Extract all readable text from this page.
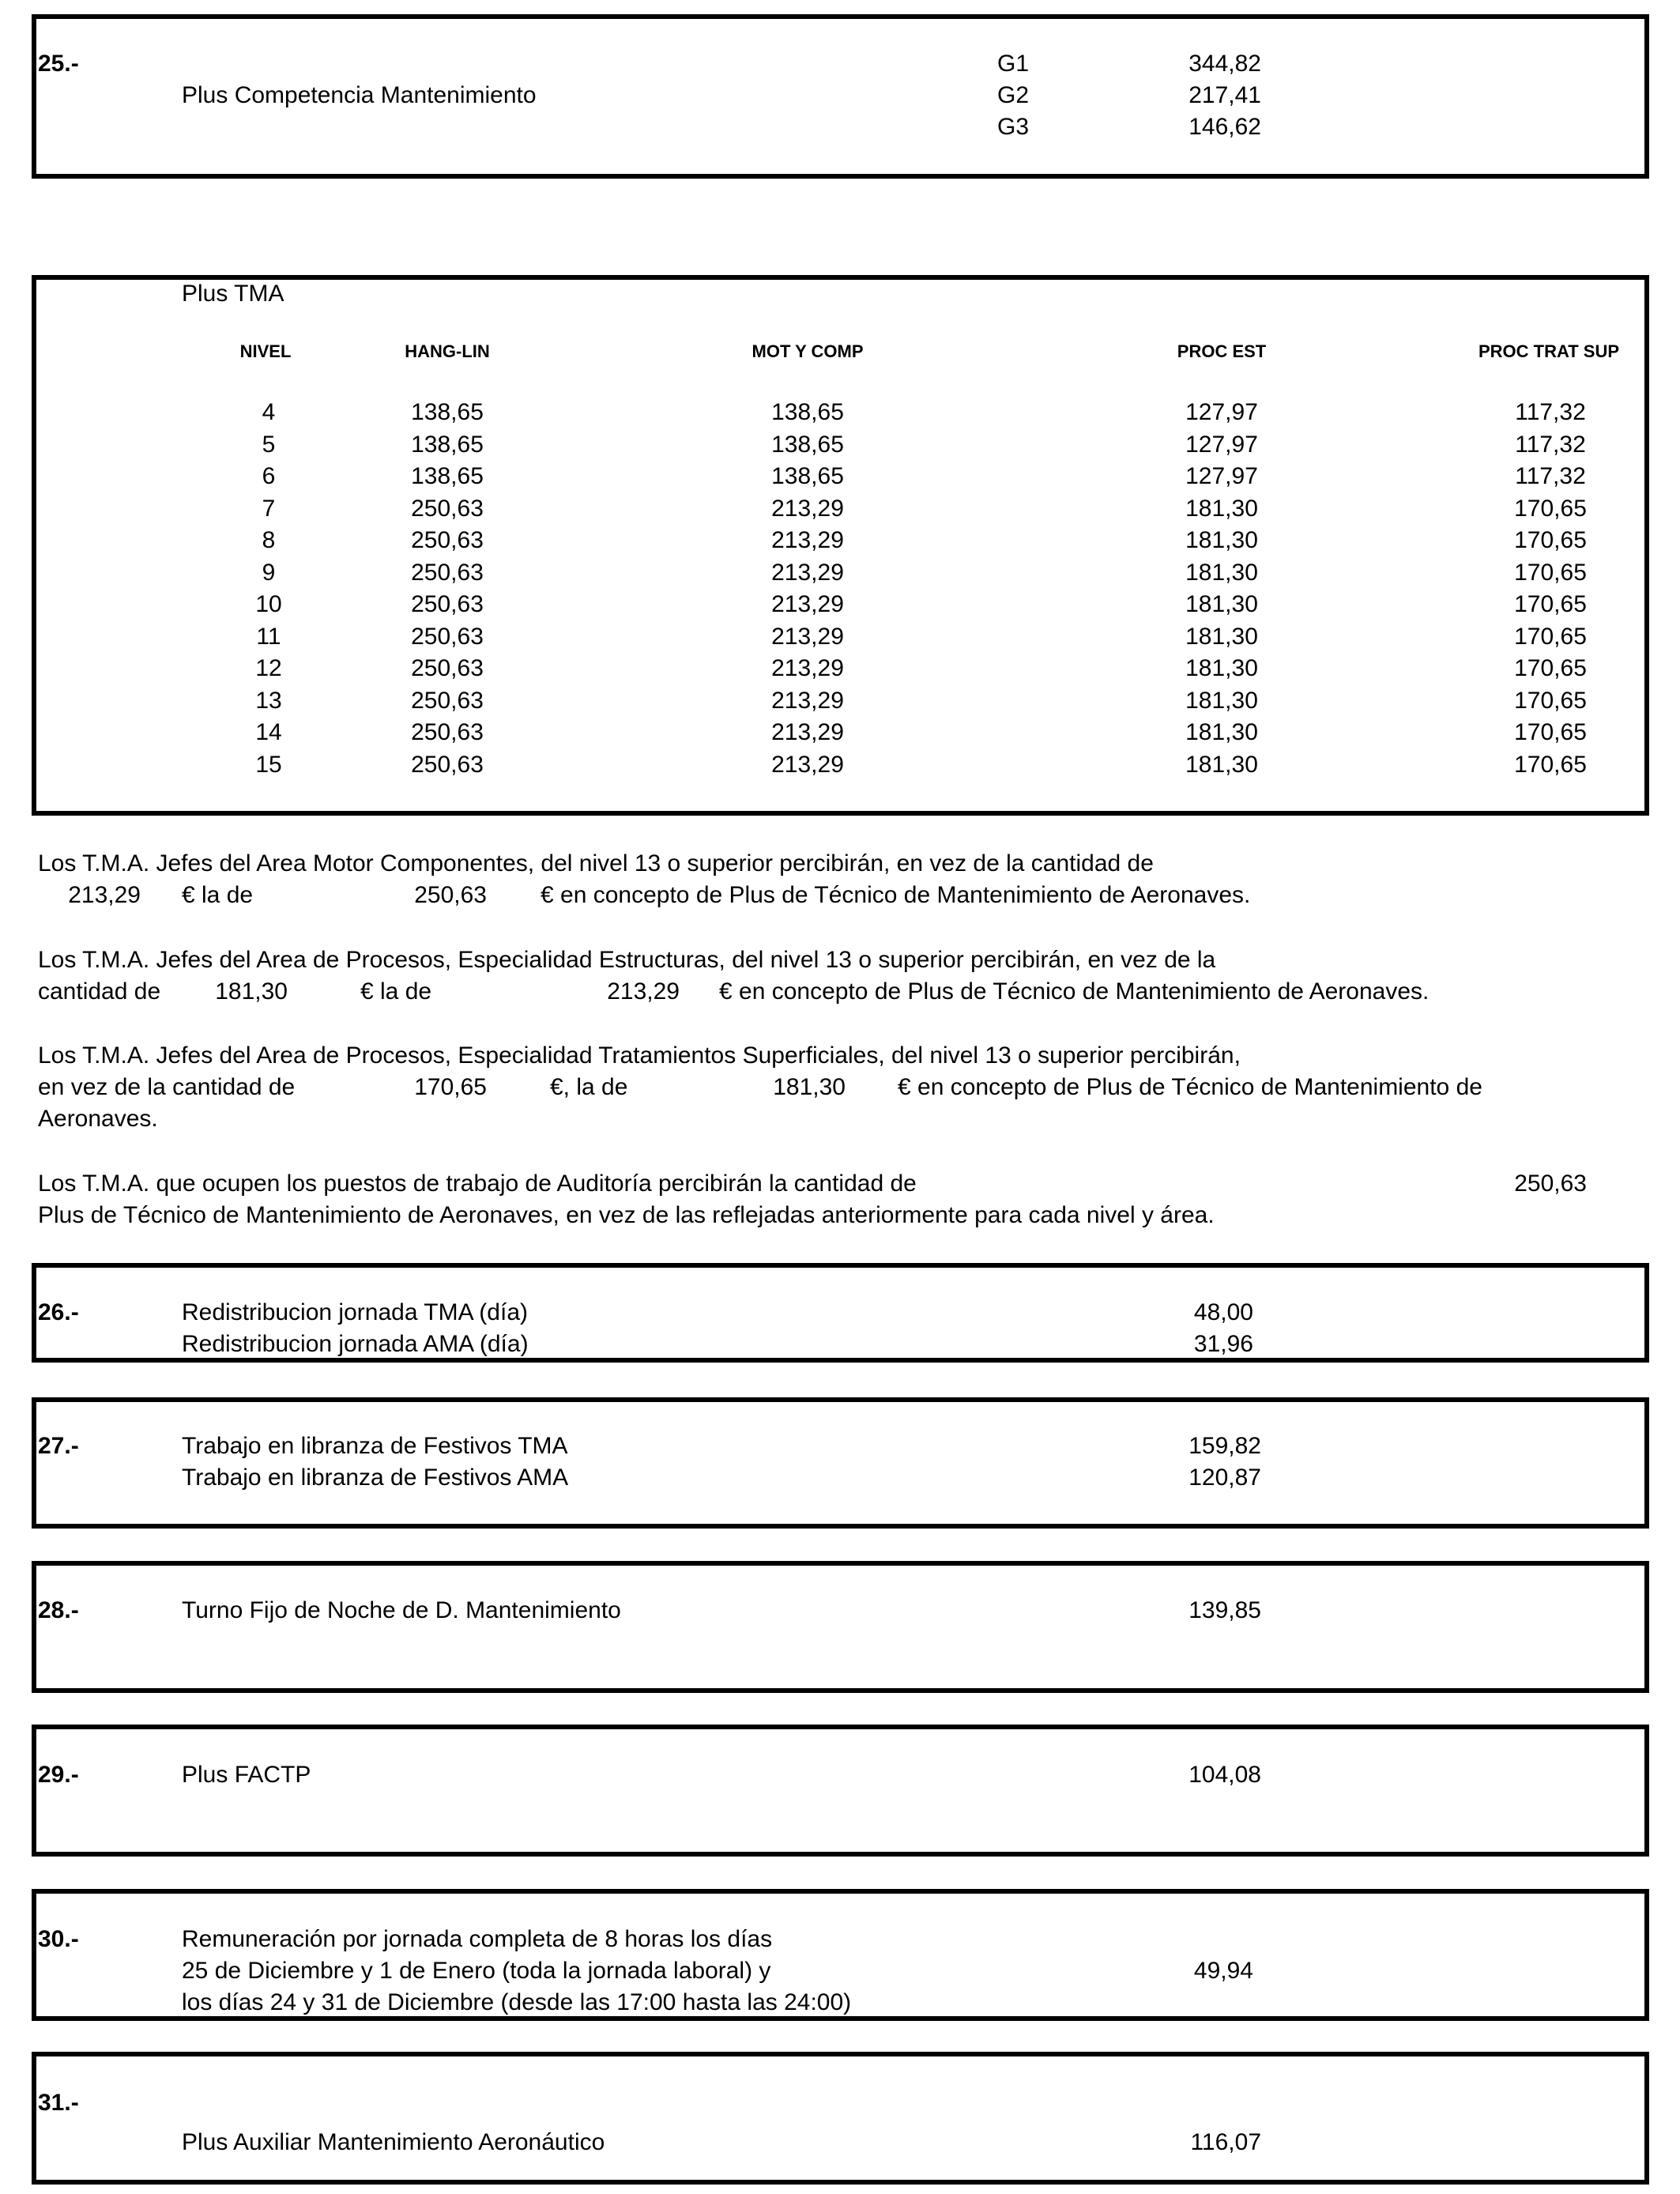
25.-
Plus Competencia Mantenimiento
G1	344,82
G2	217,41
G3	146,62
Plus TMA
NIVEL	HANG-LIN	MOT Y COMP	PROC EST	PROC TRAT SUP
4	138,65	138,65	127,97	117,32
5	138,65	138,65	127,97	117,32
6	138,65	138,65	127,97	117,32
7	250,63	213,29	181,30	170,65
8	250,63	213,29	181,30	170,65
9	250,63	213,29	181,30	170,65
10	250,63	213,29	181,30	170,65
11	250,63	213,29	181,30	170,65
12	250,63	213,29	181,30	170,65
13	250,63	213,29	181,30	170,65
14	250,63	213,29	181,30	170,65
15	250,63	213,29	181,30	170,65
Los T.M.A. Jefes del Area Motor Componentes, del nivel 13 o superior percibirán, en vez de la cantidad de
213,29 € la de	250,63 € en concepto de Plus de Técnico de Mantenimiento de Aeronaves.
Los T.M.A. Jefes del Area de Procesos, Especialidad Estructuras, del nivel 13 o superior percibirán, en vez de la
cantidad de 181,30	€ la de	213,29 € en concepto de Plus de Técnico de Mantenimiento de Aeronaves.
Los T.M.A. Jefes del Area de Procesos, Especialidad Tratamientos Superficiales, del nivel 13 o superior percibirán,
en vez de la cantidad de	170,65	€, la de	181,30 € en concepto de Plus de Técnico de Mantenimiento de
Aeronaves.
Los T.M.A. que ocupen los puestos de trabajo de Auditoría percibirán la cantidad de	250,63
Plus de Técnico de Mantenimiento de Aeronaves, en vez de las reflejadas anteriormente para cada nivel y área.
26.-	Redistribucion jornada TMA (día)	48,00
Redistribucion jornada AMA (día)	31,96
27.-	Trabajo en libranza de Festivos TMA	159,82
Trabajo en libranza de Festivos AMA	120,87
28.-	Turno Fijo de Noche de D. Mantenimiento	139,85
29.-	Plus FACTP	104,08
30.-	Remuneración por jornada completa de 8 horas los días
25 de Diciembre y 1 de Enero (toda la jornada laboral) y	49,94
los días 24 y 31 de Diciembre (desde las 17:00 hasta las 24:00)
31.-
Plus Auxiliar Mantenimiento Aeronáutico	116,07
